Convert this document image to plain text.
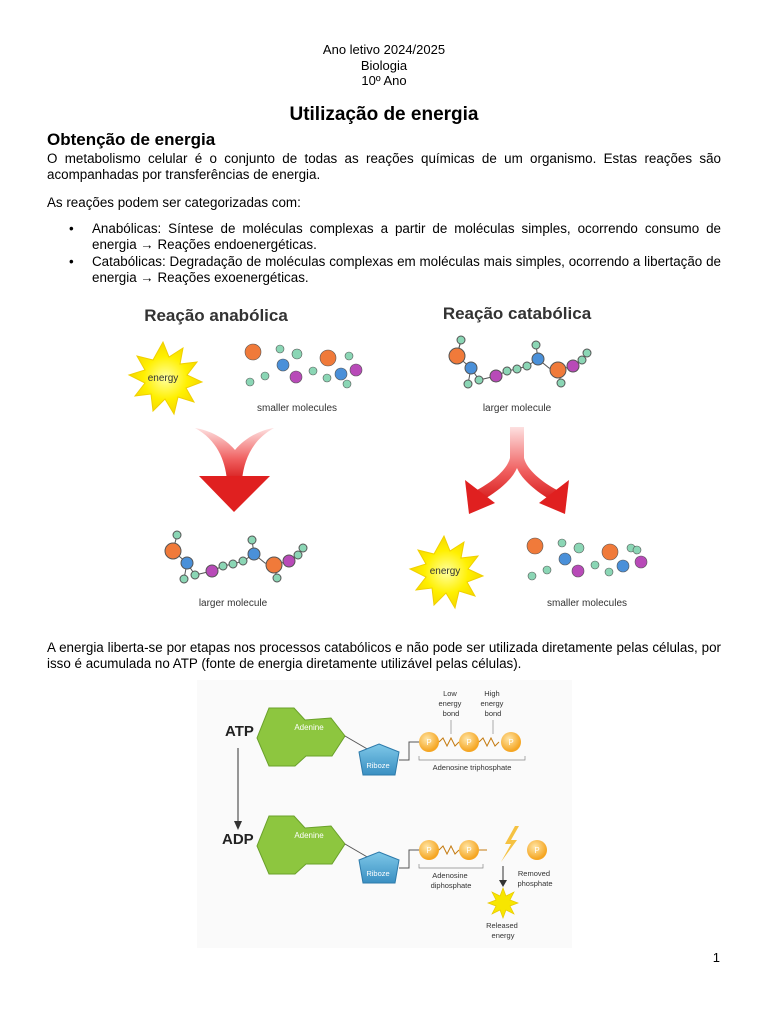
Ano letivo 2024/2025
Biologia
10º Ano
Utilização de energia
Obtenção de energia
O metabolismo celular é o conjunto de todas as reações químicas de um organismo. Estas reações são acompanhadas por transferências de energia.
As reações podem ser categorizadas com:
• Anabólicas: Síntese de moléculas complexas a partir de moléculas simples, ocorrendo consumo de energia → Reações endoenergéticas.
• Catabólicas: Degradação de moléculas complexas em moléculas mais simples, ocorrendo a libertação de energia → Reações exoenergéticas.
Reação anabólica	Reação catabólica
energy
smaller molecules	larger molecule
larger molecule
energy
smaller molecules
A energia liberta-se por etapas nos processos catabólicos e não pode ser utilizada diretamente pelas células, por isso é acumulada no ATP (fonte de energia diretamente utilizável pelas células).
ATP	Adenine
Riboze
P	P	P
Low energy bond
High energy bond
Adenosine triphosphate
ADP	Adenine
Riboze
P	P
Adenosine diphosphate
P
Removed phosphate
Released energy
1
